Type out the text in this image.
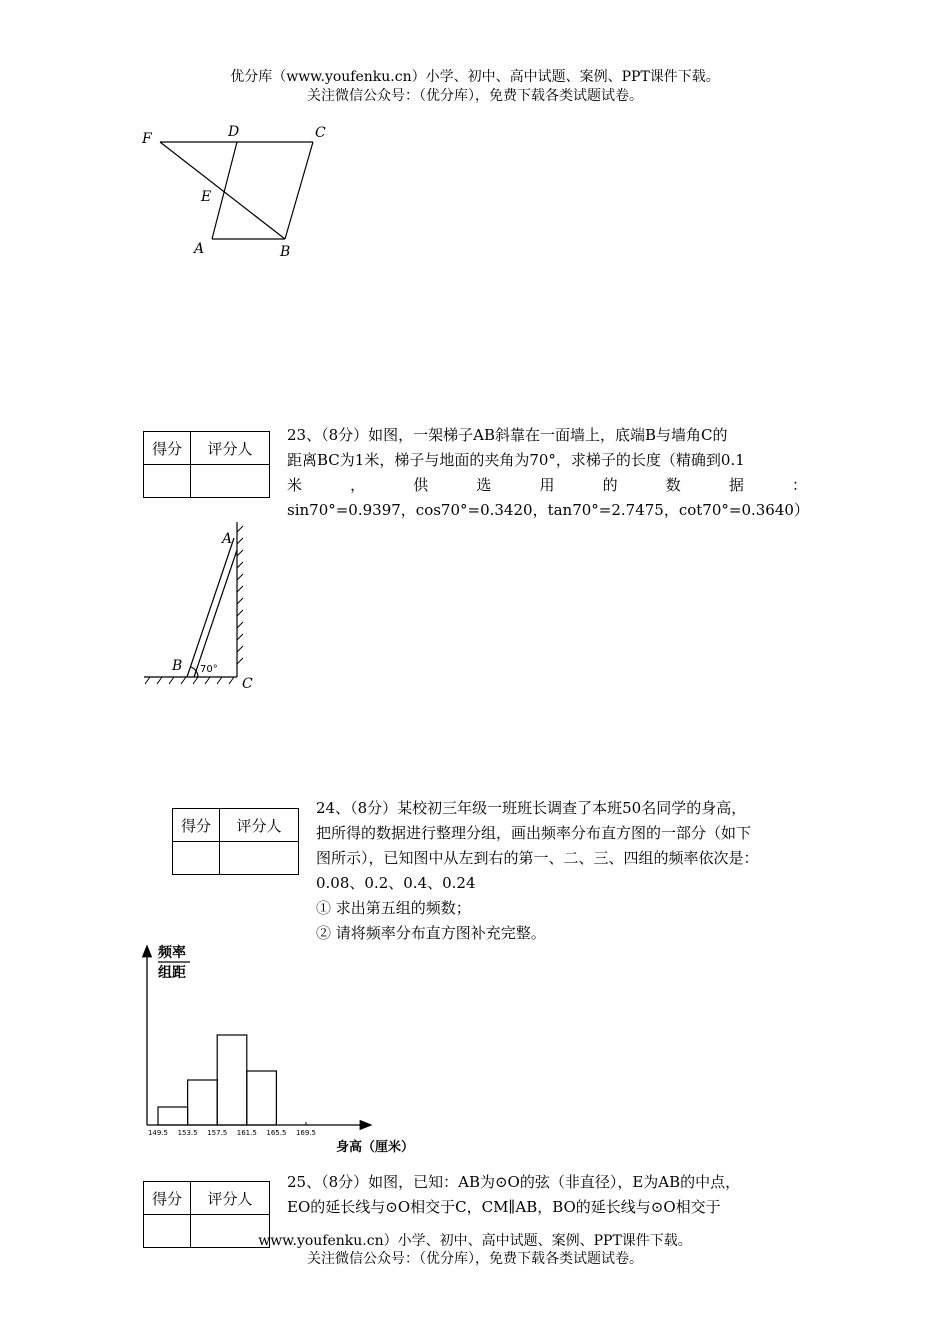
优分库（www.youfenku.cn）小学、初中、高中试题、案例、PPT课件下载。
关注微信公众号：（优分库），免费下载各类试题试卷。
F	D	C
E
A	B
得分	评分人

23、（8分）如图，一架梯子AB斜靠在一面墙上，底端B与墙角C的
距离BC为1米，梯子与地面的夹角为70°，求梯子的长度（精确到0.1
米，供选用的数据：
sin70°=0.9397，cos70°=0.3420，tan70°=2.7475，cot70°=0.3640）
A
B
C
70°
得分	评分人

24、（8分）某校初三年级一班班长调查了本班50名同学的身高，
把所得的数据进行整理分组，画出频率分布直方图的一部分（如下
图所示），已知图中从左到右的第一、二、三、四组的频率依次是：
0.08、0.2、0.4、0.24
① 求出第五组的频数；
② 请将频率分布直方图补充完整。
频率
组距
身高（厘米）
149.5 153.5 157.5 161.5 165.5 169.5
得分	评分人

25、（8分）如图，已知：AB为⊙O的弦（非直径），E为AB的中点，
EO的延长线与⊙O相交于C，CM∥AB，BO的延长线与⊙O相交于
www.youfenku.cn）小学、初中、高中试题、案例、PPT课件下载。
关注微信公众号：（优分库），免费下载各类试题试卷。
